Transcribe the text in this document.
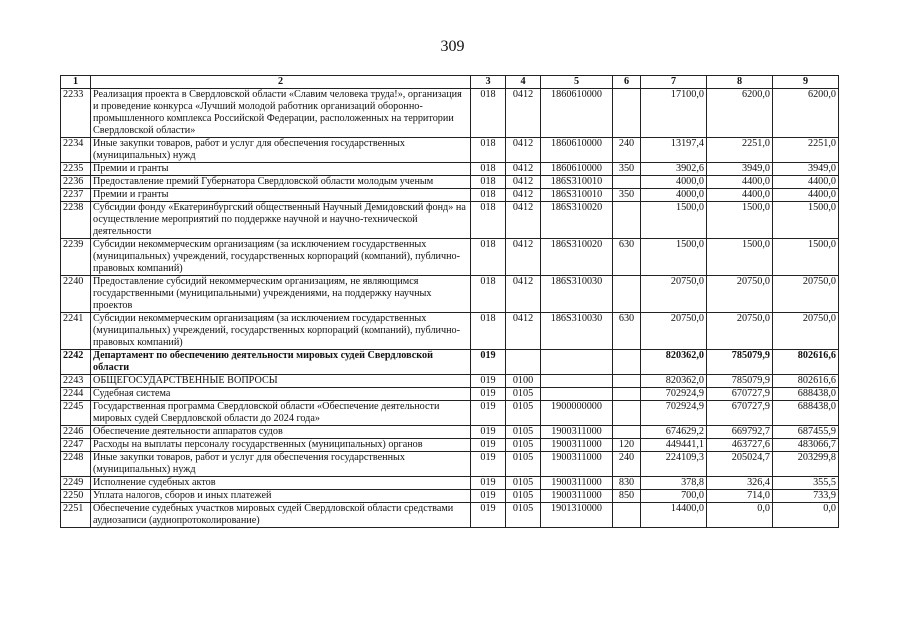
309
1	2	3	4	5	6	7	8	9
2233	Реализация проекта в Свердловской области «Славим человека труда!», организация и проведение конкурса «Лучший молодой работник организаций оборонно-промышленного комплекса Российской Федерации, расположенных на территории Свердловской области»	018	0412	1860610000		17100,0	6200,0	6200,0
2234	Иные закупки товаров, работ и услуг для обеспечения государственных (муниципальных) нужд	018	0412	1860610000	240	13197,4	2251,0	2251,0
2235	Премии и гранты	018	0412	1860610000	350	3902,6	3949,0	3949,0
2236	Предоставление премий Губернатора Свердловской области молодым ученым	018	0412	186S310010		4000,0	4400,0	4400,0
2237	Премии и гранты	018	0412	186S310010	350	4000,0	4400,0	4400,0
2238	Субсидии фонду «Екатеринбургский общественный Научный Демидовский фонд» на осуществление мероприятий по поддержке научной и научно-технической деятельности	018	0412	186S310020		1500,0	1500,0	1500,0
2239	Субсидии некоммерческим организациям (за исключением государственных (муниципальных) учреждений, государственных корпораций (компаний), публично-правовых компаний)	018	0412	186S310020	630	1500,0	1500,0	1500,0
2240	Предоставление субсидий некоммерческим организациям, не являющимся государственными (муниципальными) учреждениями, на поддержку научных проектов	018	0412	186S310030		20750,0	20750,0	20750,0
2241	Субсидии некоммерческим организациям (за исключением государственных (муниципальных) учреждений, государственных корпораций (компаний), публично-правовых компаний)	018	0412	186S310030	630	20750,0	20750,0	20750,0
2242	Департамент по обеспечению деятельности мировых судей Свердловской области	019				820362,0	785079,9	802616,6
2243	ОБЩЕГОСУДАРСТВЕННЫЕ ВОПРОСЫ	019	0100			820362,0	785079,9	802616,6
2244	Судебная система	019	0105			702924,9	670727,9	688438,0
2245	Государственная программа Свердловской области «Обеспечение деятельности мировых судей Свердловской области до 2024 года»	019	0105	1900000000		702924,9	670727,9	688438,0
2246	Обеспечение деятельности аппаратов судов	019	0105	1900311000		674629,2	669792,7	687455,9
2247	Расходы на выплаты персоналу государственных (муниципальных) органов	019	0105	1900311000	120	449441,1	463727,6	483066,7
2248	Иные закупки товаров, работ и услуг для обеспечения государственных (муниципальных) нужд	019	0105	1900311000	240	224109,3	205024,7	203299,8
2249	Исполнение судебных актов	019	0105	1900311000	830	378,8	326,4	355,5
2250	Уплата налогов, сборов и иных платежей	019	0105	1900311000	850	700,0	714,0	733,9
2251	Обеспечение судебных участков мировых судей Свердловской области средствами аудиозаписи (аудиопротоколирование)	019	0105	1901310000		14400,0	0,0	0,0
